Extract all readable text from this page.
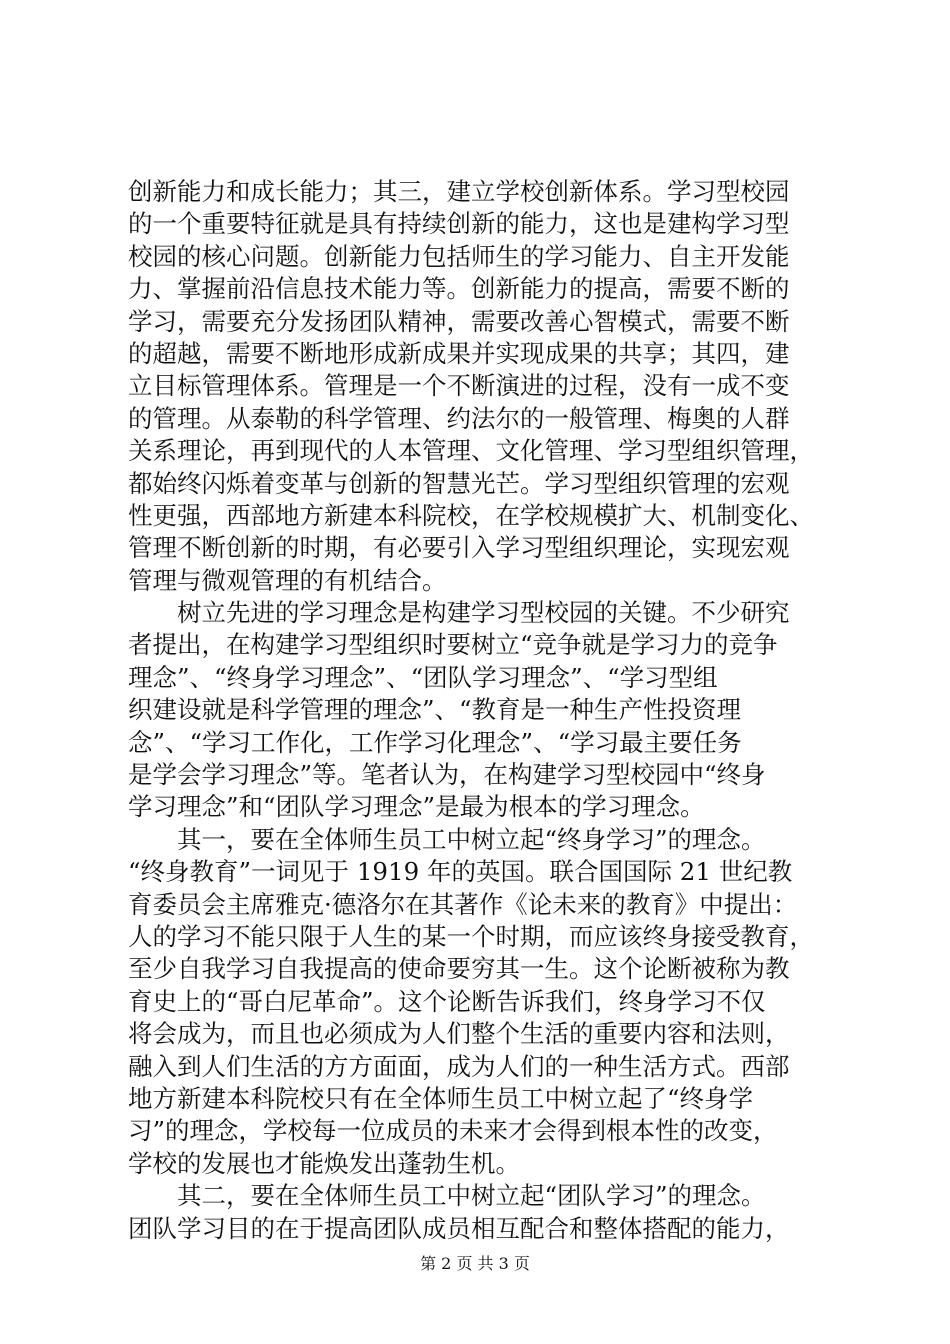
创新能力和成长能力；其三，建立学校创新体系。学习型校园
的一个重要特征就是具有持续创新的能力，这也是建构学习型
校园的核心问题。创新能力包括师生的学习能力、自主开发能
力、掌握前沿信息技术能力等。创新能力的提高，需要不断的
学习，需要充分发扬团队精神，需要改善心智模式，需要不断
的超越，需要不断地形成新成果并实现成果的共享；其四，建
立目标管理体系。管理是一个不断演进的过程，没有一成不变
的管理。从泰勒的科学管理、约法尔的一般管理、梅奥的人群
关系理论，再到现代的人本管理、文化管理、学习型组织管理，
都始终闪烁着变革与创新的智慧光芒。学习型组织管理的宏观
性更强，西部地方新建本科院校，在学校规模扩大、机制变化、
管理不断创新的时期，有必要引入学习型组织理论，实现宏观
管理与微观管理的有机结合。
　　树立先进的学习理念是构建学习型校园的关键。不少研究
者提出，在构建学习型组织时要树立“竞争就是学习力的竞争
理念”、“终身学习理念”、“团队学习理念”、“学习型组
织建设就是科学管理的理念”、“教育是一种生产性投资理
念”、“学习工作化，工作学习化理念”、“学习最主要任务
是学会学习理念”等。笔者认为，在构建学习型校园中“终身
学习理念”和“团队学习理念”是最为根本的学习理念。
　　其一，要在全体师生员工中树立起“终身学习”的理念。
“终身教育”一词见于 1919 年的英国。联合国国际 21 世纪教
育委员会主席雅克·德洛尔在其著作《论未来的教育》中提出：
人的学习不能只限于人生的某一个时期，而应该终身接受教育，
至少自我学习自我提高的使命要穷其一生。这个论断被称为教
育史上的“哥白尼革命”。这个论断告诉我们，终身学习不仅
将会成为，而且也必须成为人们整个生活的重要内容和法则，
融入到人们生活的方方面面，成为人们的一种生活方式。西部
地方新建本科院校只有在全体师生员工中树立起了“终身学
习”的理念，学校每一位成员的未来才会得到根本性的改变，
学校的发展也才能焕发出蓬勃生机。
　　其二，要在全体师生员工中树立起“团队学习”的理念。
团队学习目的在于提高团队成员相互配合和整体搭配的能力，
第 2 页 共 3 页
